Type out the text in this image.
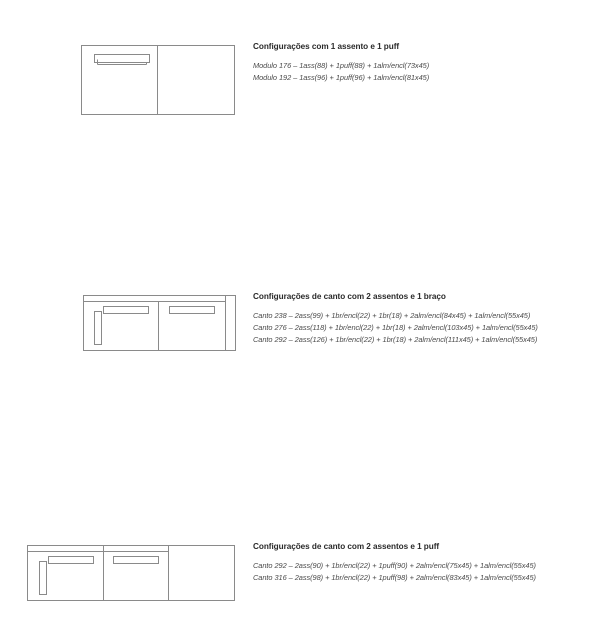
Configurações com 1 assento e 1 puff
Modulo 176 – 1ass(88) + 1puff(88) + 1alm/encl(73x45)
Modulo 192 – 1ass(96) + 1puff(96) + 1alm/encl(81x45)
Configurações de canto com 2 assentos e 1 braço
Canto 238 – 2ass(99) + 1br/encl(22) + 1br(18) + 2alm/encl(84x45) + 1alm/encl(55x45)
Canto 276 – 2ass(118) + 1br/encl(22) + 1br(18) + 2alm/encl(103x45) + 1alm/encl(55x45)
Canto 292 – 2ass(126) + 1br/encl(22) + 1br(18) + 2alm/encl(111x45) + 1alm/encl(55x45)
Configurações de canto com 2 assentos e 1 puff
Canto 292 – 2ass(90) + 1br/encl(22) + 1puff(90) + 2alm/encl(75x45) + 1alm/encl(55x45)
Canto 316 – 2ass(98) + 1br/encl(22) + 1puff(98) + 2alm/encl(83x45) + 1alm/encl(55x45)
